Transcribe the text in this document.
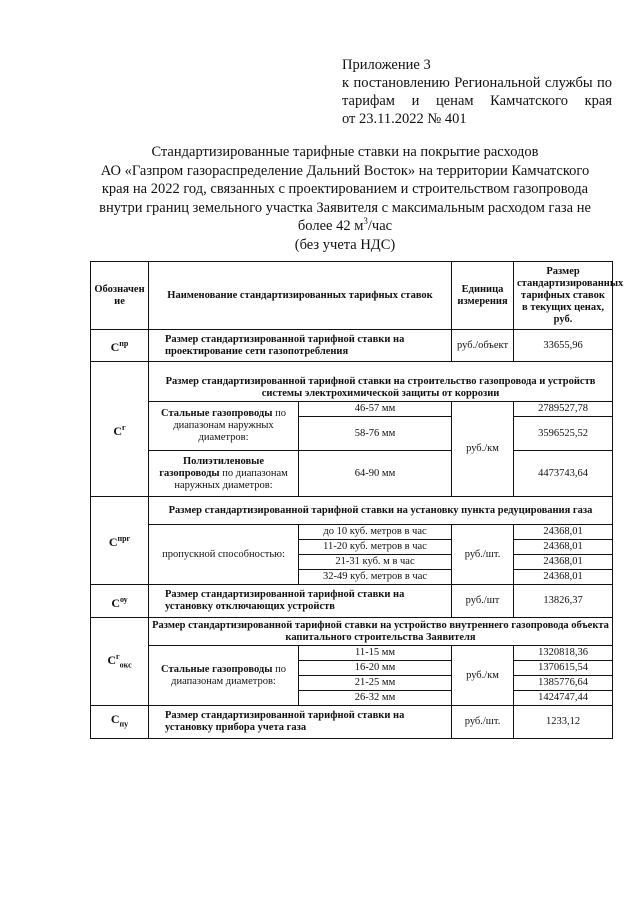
Приложение 3
к постановлению Региональной службы по
тарифам и ценам Камчатского края
от 23.11.2022 № 401
Стандартизированные тарифные ставки на покрытие расходов
АО «Газпром газораспределение Дальний Восток» на территории Камчатского
края на 2022 год, связанных с проектированием и строительством газопровода
внутри границ земельного участка Заявителя с максимальным расходом газа не
более 42 $м^3$/час
(без учета НДС)
Обозначение	Наименование стандартизированных тарифных ставок		Единица измерения	Размер стандартизированных тарифных ставок в текущих ценах, руб.
$С^{пр}$	Размер стандартизированной тарифной ставки на проектирование сети газопотребления		руб./объект	33655,96
$С^г$	Размер стандартизированной тарифной ставки на строительство газопровода и устройств системы электрохимической защиты от коррозии			
	Стальные газопроводы по диапазонам наружных диаметров:	46-57 мм	руб./км	2789527,78
		58-76 мм		3596525,52
	Полиэтиленовые газопроводы по диапазонам наружных диаметров:	64-90 мм		4473743,64

$С^{прг}$	Размер стандартизированной тарифной ставки на установку пункта редуцирования газа			
	пропускной способностью:	до 10 куб. метров в час	руб./шт.	24368,01
		11-20 куб. метров в час		24368,01
		21-31 куб. м в час		24368,01
		32-49 куб. метров в час		24368,01
$С^{оу}$	Размер стандартизированной тарифной ставки на установку отключающих устройств		руб./шт	13826,37
$С^г_{окс}$	Размер стандартизированной тарифной ставки на устройство внутреннего газопровода объекта капитального строительства Заявителя			
	Стальные газопроводы по диапазонам диаметров:	11-15 мм	руб./км	1320818,36
		16-20 мм		1370615,54
		21-25 мм		1385776,64
		26-32 мм		1424747,44
$С_{пу}$	Размер стандартизированной тарифной ставки на установку прибора учета газа		руб./шт.	1233,12
